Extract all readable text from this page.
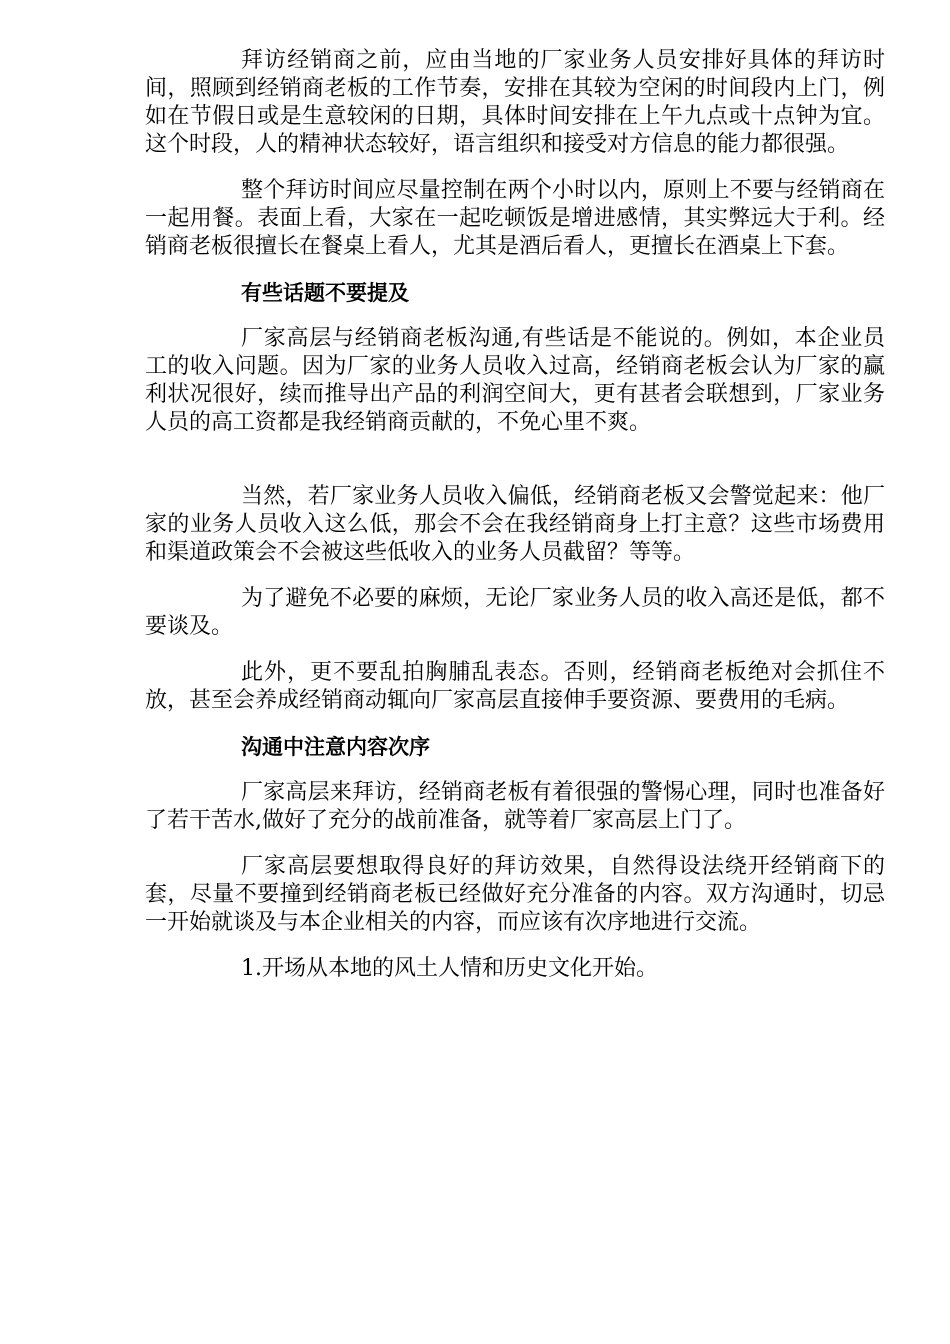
拜访经销商之前，应由当地的厂家业务人员安排好具体的拜访时间，照顾到经销商老板的工作节奏，安排在其较为空闲的时间段内上门，例如在节假日或是生意较闲的日期，具体时间安排在上午九点或十点钟为宜。这个时段，人的精神状态较好，语言组织和接受对方信息的能力都很强。

整个拜访时间应尽量控制在两个小时以内，原则上不要与经销商在一起用餐。表面上看，大家在一起吃顿饭是增进感情，其实弊远大于利。经销商老板很擅长在餐桌上看人，尤其是酒后看人，更擅长在酒桌上下套。

有些话题不要提及

厂家高层与经销商老板沟通,有些话是不能说的。例如，本企业员工的收入问题。因为厂家的业务人员收入过高，经销商老板会认为厂家的赢利状况很好，续而推导出产品的利润空间大，更有甚者会联想到，厂家业务人员的高工资都是我经销商贡献的，不免心里不爽。

当然，若厂家业务人员收入偏低，经销商老板又会警觉起来：他厂家的业务人员收入这么低，那会不会在我经销商身上打主意？这些市场费用和渠道政策会不会被这些低收入的业务人员截留？等等。

为了避免不必要的麻烦，无论厂家业务人员的收入高还是低，都不要谈及。

此外，更不要乱拍胸脯乱表态。否则，经销商老板绝对会抓住不放，甚至会养成经销商动辄向厂家高层直接伸手要资源、要费用的毛病。

沟通中注意内容次序

厂家高层来拜访，经销商老板有着很强的警惕心理，同时也准备好了若干苦水,做好了充分的战前准备，就等着厂家高层上门了。

厂家高层要想取得良好的拜访效果，自然得设法绕开经销商下的套，尽量不要撞到经销商老板已经做好充分准备的内容。双方沟通时，切忌一开始就谈及与本企业相关的内容，而应该有次序地进行交流。

1.开场从本地的风土人情和历史文化开始。
